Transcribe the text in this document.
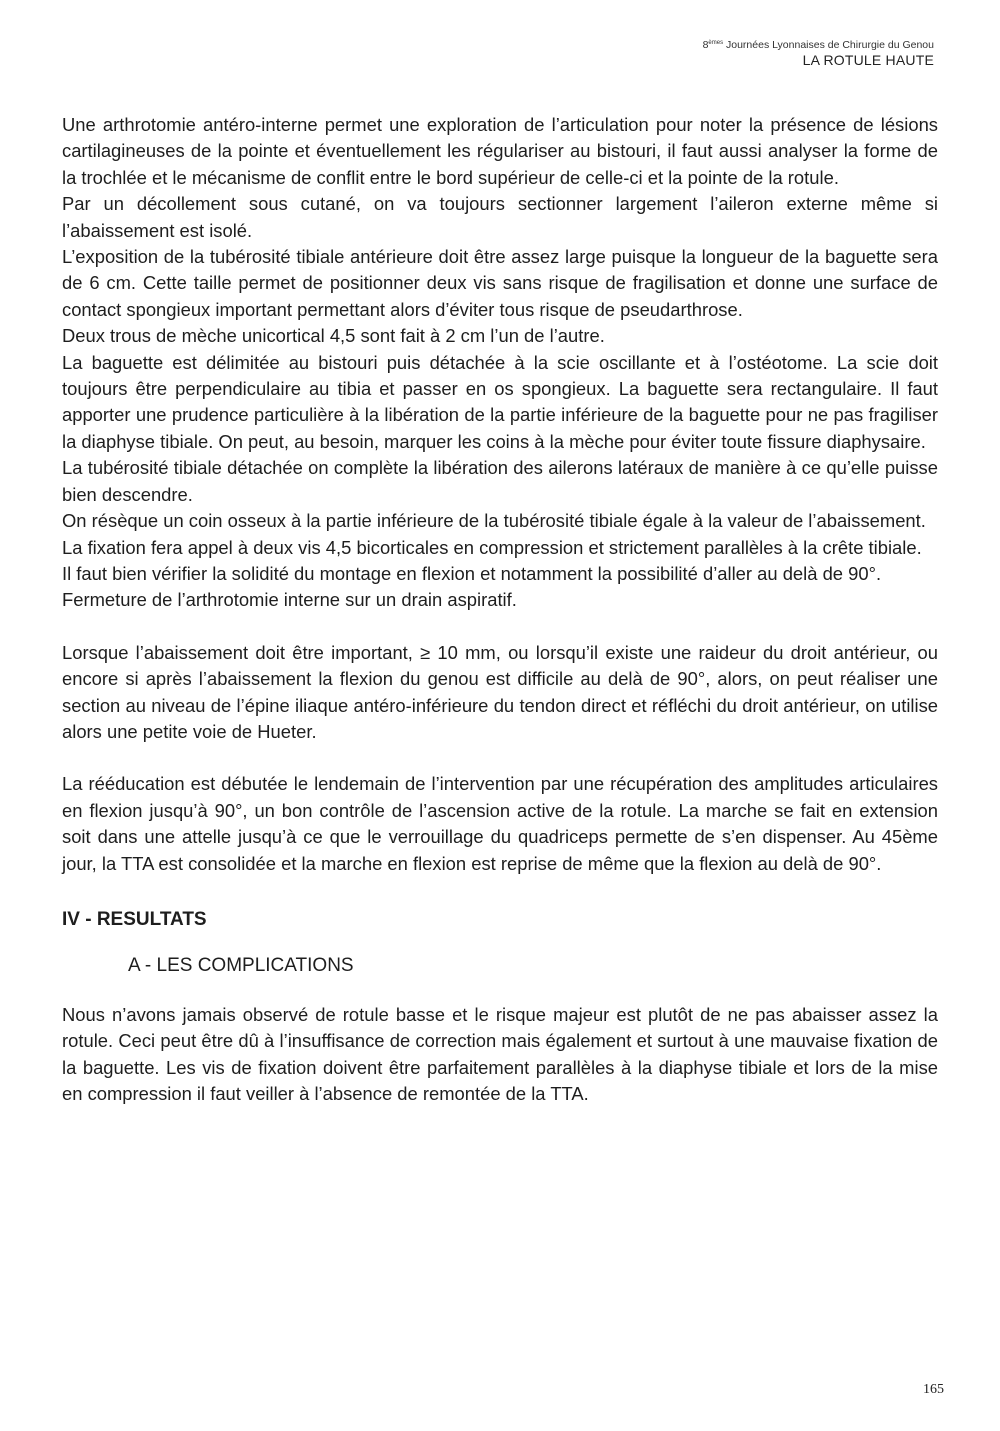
8èmes Journées Lyonnaises de Chirurgie du Genou
LA ROTULE HAUTE

Une arthrotomie antéro-interne permet une exploration de l’articulation pour noter la présence de lésions cartilagineuses de la pointe et éventuellement les régulariser au bistouri, il faut aussi analyser la forme de la trochlée et le mécanisme de conflit entre le bord supérieur de celle-ci et la pointe de la rotule.

Par un décollement sous cutané, on va toujours sectionner largement l’aileron externe même si l’abaissement est isolé.

L’exposition de la tubérosité tibiale antérieure doit être assez large puisque la longueur de la baguette sera de 6 cm. Cette taille permet de positionner deux vis sans risque de fragilisation et donne une surface de contact spongieux important permettant alors d’éviter tous risque de pseudarthrose.

Deux trous de mèche unicortical 4,5 sont fait à 2 cm l’un de l’autre.

La baguette est délimitée au bistouri puis détachée à la scie oscillante et à l’ostéotome. La scie doit toujours être perpendiculaire au tibia et passer en os spongieux. La baguette sera rectangulaire. Il faut apporter une prudence particulière à la libération de la partie inférieure de la baguette pour ne pas fragiliser la diaphyse tibiale. On peut, au besoin, marquer les coins à la mèche pour éviter toute fissure diaphysaire.

La tubérosité tibiale détachée on complète la libération des ailerons latéraux de manière à ce qu’elle puisse bien descendre.

On résèque un coin osseux à la partie inférieure de la tubérosité tibiale égale à la valeur de l’abaissement.

La fixation fera appel à deux vis 4,5 bicorticales en compression et strictement parallèles à la crête tibiale.

Il faut bien vérifier la solidité du montage en flexion et notamment la possibilité d’aller au delà de 90°.

Fermeture de l’arthrotomie interne sur un drain aspiratif.

Lorsque l’abaissement doit être important, ≥ 10 mm, ou lorsqu’il existe une raideur du droit antérieur, ou encore si après l’abaissement la flexion du genou est difficile au delà de 90°, alors, on peut réaliser une section au niveau de l’épine iliaque antéro-inférieure du tendon direct et réfléchi du droit antérieur, on utilise alors une petite voie de Hueter.

La rééducation est débutée le lendemain de l’intervention par une récupération des amplitudes articulaires en flexion jusqu’à 90°, un bon contrôle de l’ascension active de la rotule. La marche se fait en extension soit dans une attelle jusqu’à ce que le verrouillage du quadriceps permette de s’en dispenser. Au 45ème jour, la TTA est consolidée et la marche en flexion est reprise de même que la flexion au delà de 90°.

IV - RESULTATS
A - LES COMPLICATIONS

Nous n’avons jamais observé de rotule basse et le risque majeur est plutôt de ne pas abaisser assez la rotule. Ceci peut être dû à l’insuffisance de correction mais également et surtout à une mauvaise fixation de la baguette. Les vis de fixation doivent être parfaitement parallèles à la diaphyse tibiale et lors de la mise en compression il faut veiller à l’absence de remontée de la TTA.

165
